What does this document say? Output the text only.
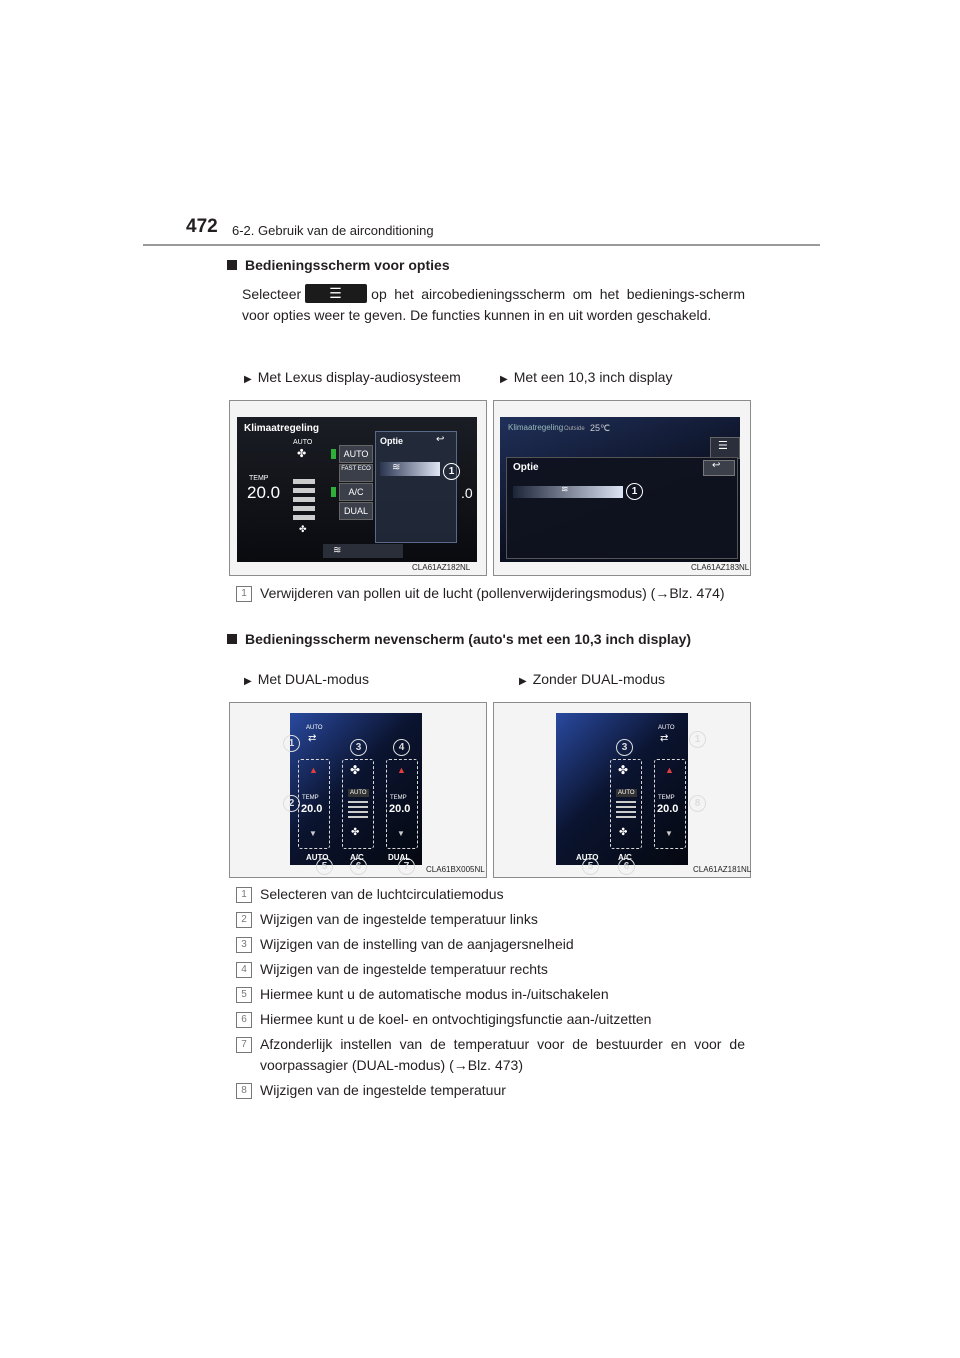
472 6-2. Gebruik van de airconditioning
Bedieningsscherm voor opties
Selecteer ☰	op het aircobedieningsscherm om het bedienings-scherm voor opties weer te geven. De functies kunnen in en uit worden geschakeld.
▶ Met Lexus display-audiosysteem	▶ Met een 10,3 inch display
Klimaatregeling
AUTO
✤
TEMP
20.0
✤
AUTO
FAST ECO
A/C
DUAL
Optie	↩
≋	1
.0
≋
CLA61AZ182NL
Klimaatregeling Outside 25℃
☰
Optie	↩
≋	1
CLA61AZ183NL
1 Verwijderen van pollen uit de lucht (pollenverwijderingsmodus) (→Blz. 474)
Bedieningsscherm nevenscherm (auto's met een 10,3 inch display)
▶ Met DUAL-modus	▶ Zonder DUAL-modus
AUTO
⇄
▲
TEMP
20.0
▼
✤
AUTO
✤
▲
TEMP
20.0
▼
AUTO	A/C	DUAL
1
2
3	4
5	6	7	CLA61BX005NL
AUTO
⇄
✤
AUTO
✤
▲
TEMP
20.0
▼
AUTO A/C
1
3
8
5	6	CLA61AZ181NL
1 Selecteren van de luchtcirculatiemodus
2 Wijzigen van de ingestelde temperatuur links
3 Wijzigen van de instelling van de aanjagersnelheid
4 Wijzigen van de ingestelde temperatuur rechts
5 Hiermee kunt u de automatische modus in-/uitschakelen
6 Hiermee kunt u de koel- en ontvochtigingsfunctie aan-/uitzetten
7 Afzonderlijk instellen van de temperatuur voor de bestuurder en voor de voorpassagier (DUAL-modus) (→Blz. 473)
8 Wijzigen van de ingestelde temperatuur
